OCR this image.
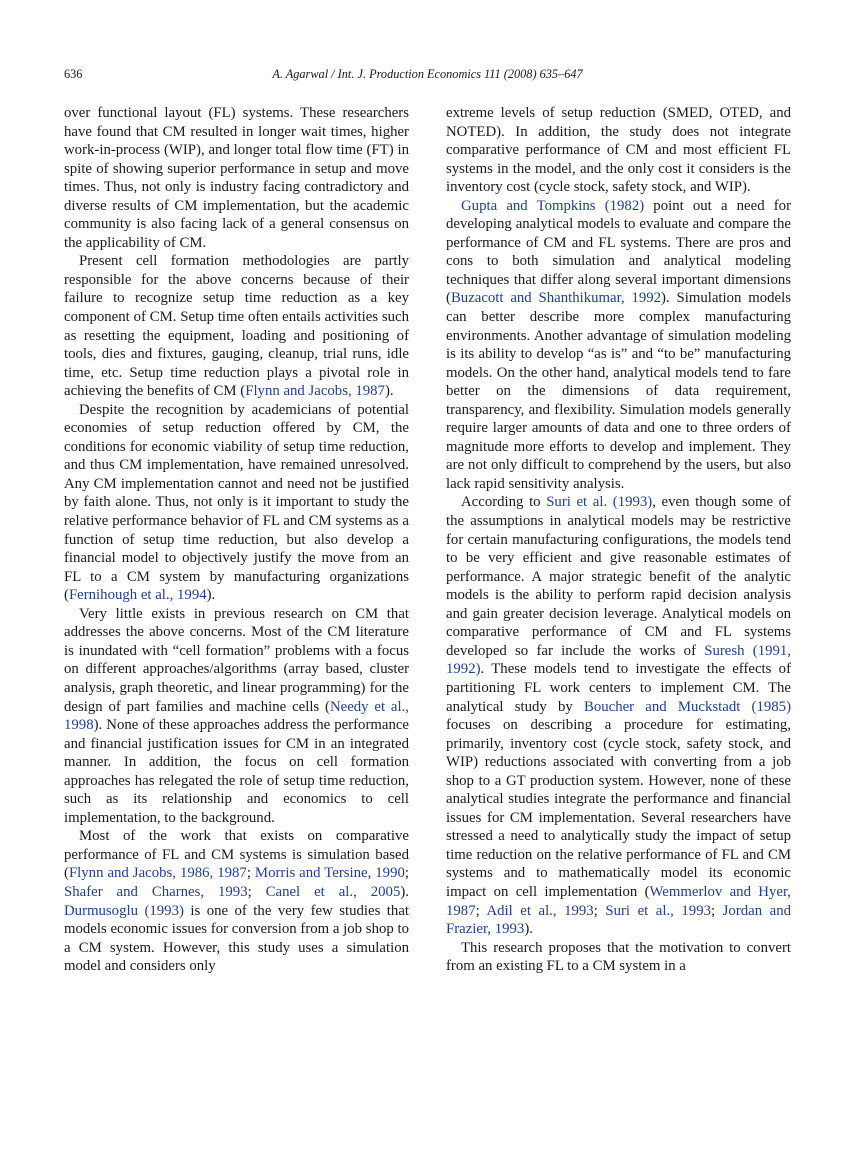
636	A. Agarwal / Int. J. Production Economics 111 (2008) 635–647

over functional layout (FL) systems. These researchers have found that CM resulted in longer wait times, higher work-in-process (WIP), and longer total flow time (FT) in spite of showing superior performance in setup and move times. Thus, not only is industry facing contradictory and diverse results of CM implementation, but the academic community is also facing lack of a general consensus on the applicability of CM.

Present cell formation methodologies are partly responsible for the above concerns because of their failure to recognize setup time reduction as a key component of CM. Setup time often entails activities such as resetting the equipment, loading and positioning of tools, dies and fixtures, gauging, cleanup, trial runs, idle time, etc. Setup time reduction plays a pivotal role in achieving the benefits of CM (Flynn and Jacobs, 1987).

Despite the recognition by academicians of potential economies of setup reduction offered by CM, the conditions for economic viability of setup time reduction, and thus CM implementation, have remained unresolved. Any CM implementation cannot and need not be justified by faith alone. Thus, not only is it important to study the relative performance behavior of FL and CM systems as a function of setup time reduction, but also develop a financial model to objectively justify the move from an FL to a CM system by manufacturing organizations (Fernihough et al., 1994).

Very little exists in previous research on CM that addresses the above concerns. Most of the CM literature is inundated with “cell formation” problems with a focus on different approaches/algorithms (array based, cluster analysis, graph theoretic, and linear programming) for the design of part families and machine cells (Needy et al., 1998). None of these approaches address the performance and financial justification issues for CM in an integrated manner. In addition, the focus on cell formation approaches has relegated the role of setup time reduction, such as its relationship and economics to cell implementation, to the background.

Most of the work that exists on comparative performance of FL and CM systems is simulation based (Flynn and Jacobs, 1986, 1987; Morris and Tersine, 1990; Shafer and Charnes, 1993; Canel et al., 2005). Durmusoglu (1993) is one of the very few studies that models economic issues for conversion from a job shop to a CM system. However, this study uses a simulation model and considers only

extreme levels of setup reduction (SMED, OTED, and NOTED). In addition, the study does not integrate comparative performance of CM and most efficient FL systems in the model, and the only cost it considers is the inventory cost (cycle stock, safety stock, and WIP).

Gupta and Tompkins (1982) point out a need for developing analytical models to evaluate and compare the performance of CM and FL systems. There are pros and cons to both simulation and analytical modeling techniques that differ along several important dimensions (Buzacott and Shanthikumar, 1992). Simulation models can better describe more complex manufacturing environments. Another advantage of simulation modeling is its ability to develop “as is” and “to be” manufacturing models. On the other hand, analytical models tend to fare better on the dimensions of data requirement, transparency, and flexibility. Simulation models generally require larger amounts of data and one to three orders of magnitude more efforts to develop and implement. They are not only difficult to comprehend by the users, but also lack rapid sensitivity analysis.

According to Suri et al. (1993), even though some of the assumptions in analytical models may be restrictive for certain manufacturing configurations, the models tend to be very efficient and give reasonable estimates of performance. A major strategic benefit of the analytic models is the ability to perform rapid decision analysis and gain greater decision leverage. Analytical models on comparative performance of CM and FL systems developed so far include the works of Suresh (1991, 1992). These models tend to investigate the effects of partitioning FL work centers to implement CM. The analytical study by Boucher and Muckstadt (1985) focuses on describing a procedure for estimating, primarily, inventory cost (cycle stock, safety stock, and WIP) reductions associated with converting from a job shop to a GT production system. However, none of these analytical studies integrate the performance and financial issues for CM implementation. Several researchers have stressed a need to analytically study the impact of setup time reduction on the relative performance of FL and CM systems and to mathematically model its economic impact on cell implementation (Wemmerlov and Hyer, 1987; Adil et al., 1993; Suri et al., 1993; Jordan and Frazier, 1993).

This research proposes that the motivation to convert from an existing FL to a CM system in a
